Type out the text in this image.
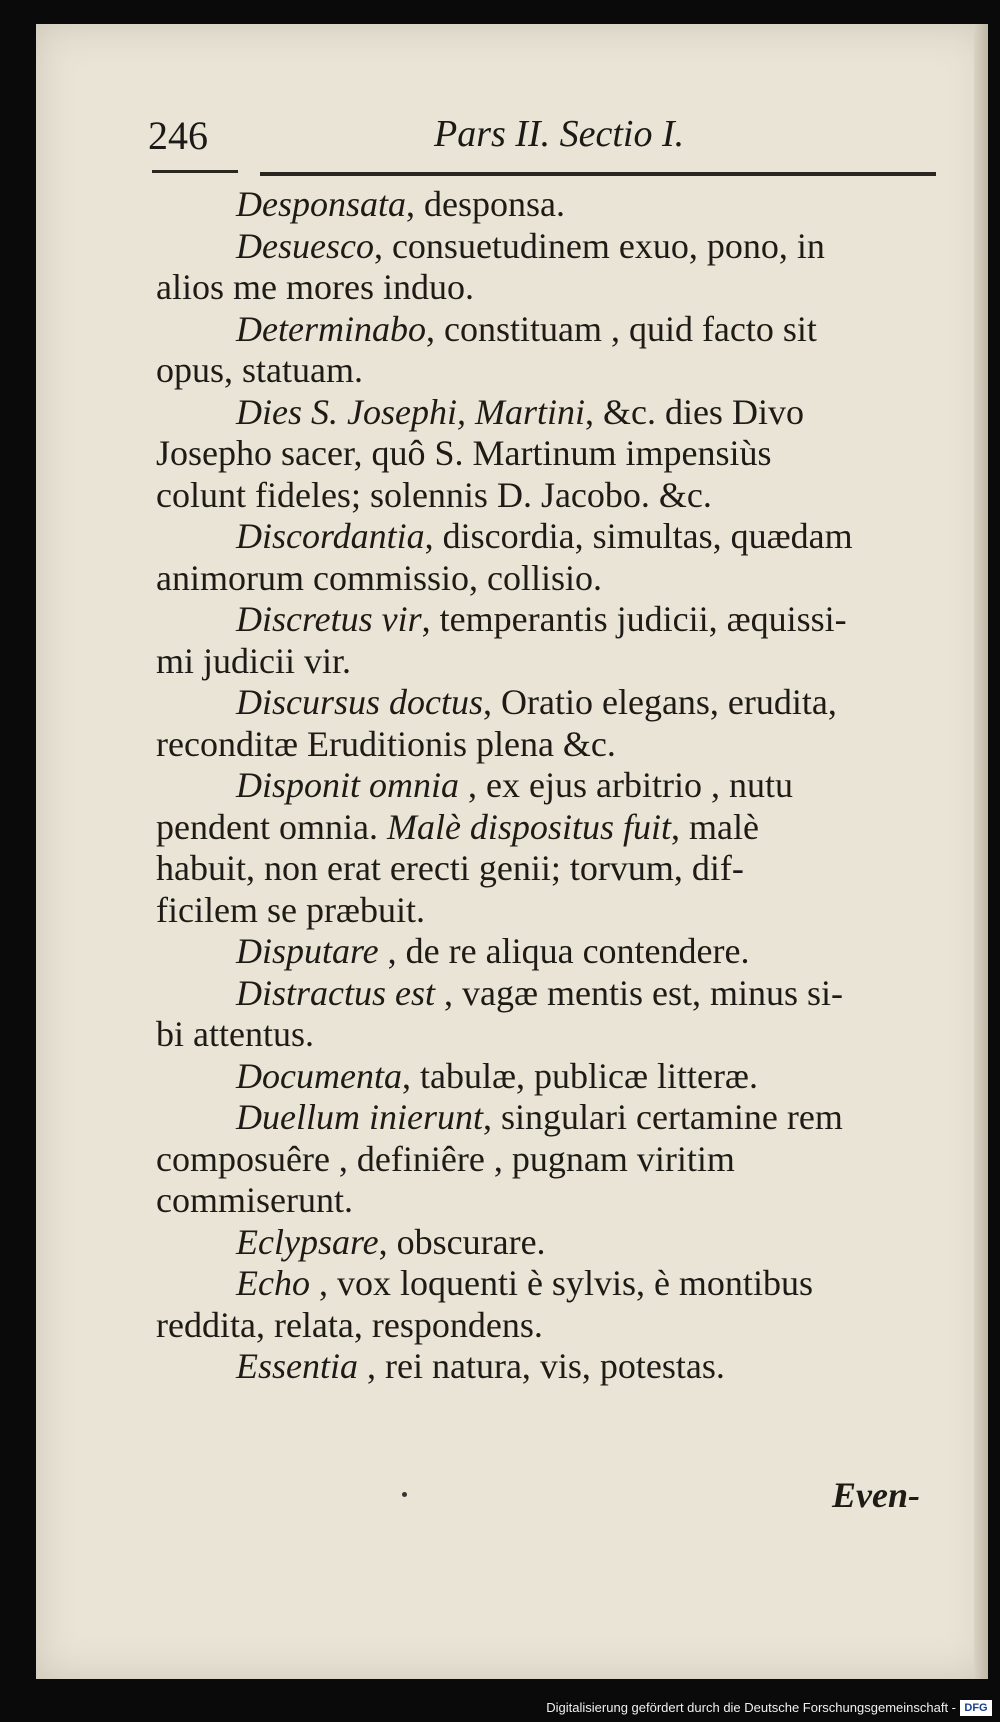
246	Pars II. Sectio I.
Desponsata, desponsa.
Desuesco, consuetudinem exuo, pono, in
alios me mores induo.
Determinabo, constituam , quid facto sit
opus, statuam.
Dies S. Josephi, Martini, &c. dies Divo
Josepho sacer, quô S. Martinum impensiùs
colunt fideles; solennis D. Jacobo. &c.
Discordantia, discordia, simultas, quædam
animorum commissio, collisio.
Discretus vir, temperantis judicii, æquissi-
mi judicii vir.
Discursus doctus, Oratio elegans, erudita,
reconditæ Eruditionis plena &c.
Disponit omnia , ex ejus arbitrio , nutu
pendent omnia. Malè dispositus fuit, malè
habuit, non erat erecti genii; torvum, dif-
ficilem se præbuit.
Disputare , de re aliqua contendere.
Distractus est , vagæ mentis est, minus si-
bi attentus.
Documenta, tabulæ, publicæ litteræ.
Duellum inierunt, singulari certamine rem
composuêre , definiêre , pugnam viritim
commiserunt.
Eclypsare, obscurare.
Echo , vox loquenti è sylvis, è montibus
reddita, relata, respondens.
Essentia , rei natura, vis, potestas.
Even-
Digitalisierung gefördert durch die Deutsche Forschungsgemeinschaft - DFG
